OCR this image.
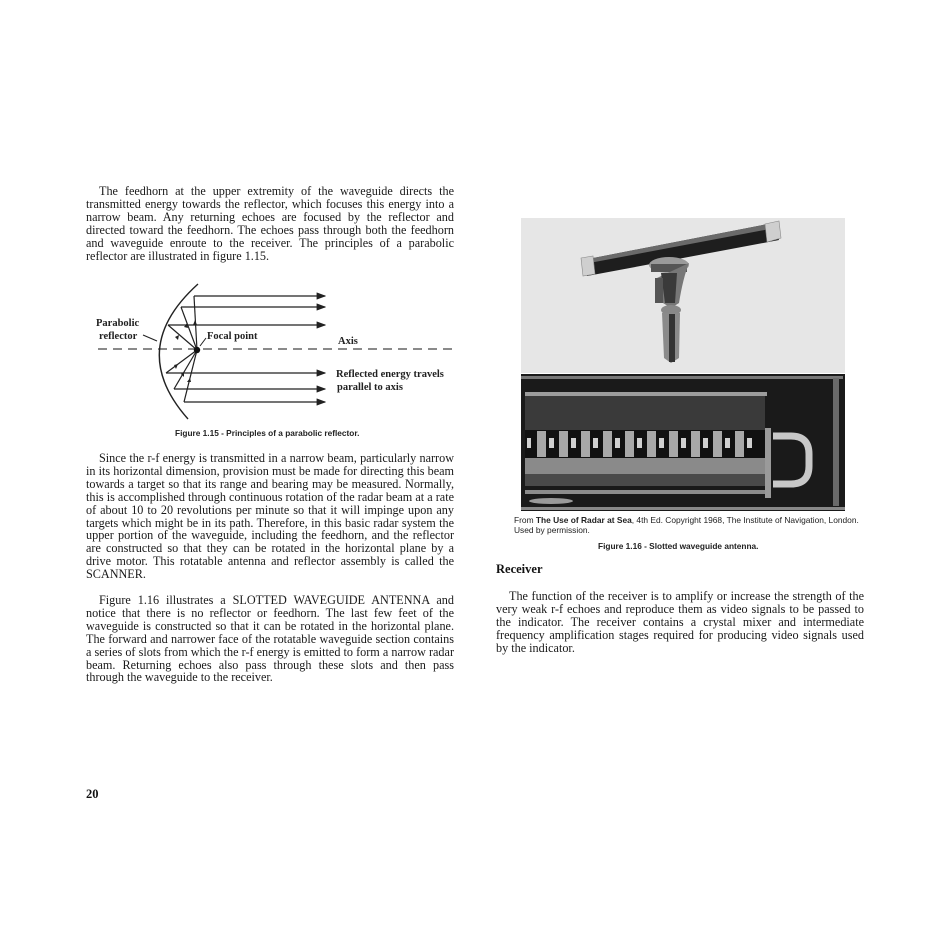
The feedhorn at the upper extremity of the waveguide directs the transmitted energy towards the reflector, which focuses this energy into a narrow beam. Any returning echoes are focused by the reflector and directed toward the feedhorn. The echoes pass through both the feedhorn and waveguide enroute to the receiver. The principles of a parabolic reflector are illustrated in figure 1.15.

Parabolic
reflector	Focal point	Axis
Reflected energy travels
parallel to axis
Figure 1.15 - Principles of a parabolic reflector.

Since the r-f energy is transmitted in a narrow beam, particularly narrow in its horizontal dimension, provision must be made for directing this beam towards a target so that its range and bearing may be measured. Normally, this is accomplished through continuous rotation of the radar beam at a rate of about 10 to 20 revolutions per minute so that it will impinge upon any targets which might be in its path. Therefore, in this basic radar system the upper portion of the waveguide, including the feedhorn, and the reflector are constructed so that they can be rotated in the horizontal plane by a drive motor. This rotatable antenna and reflector assembly is called the SCANNER.

Figure 1.16 illustrates a SLOTTED WAVEGUIDE ANTENNA and notice that there is no reflector or feedhorn. The last few feet of the waveguide is constructed so that it can be rotated in the horizontal plane. The forward and narrower face of the rotatable waveguide section contains a series of slots from which the r-f energy is emitted to form a narrow radar beam. Returning echoes also pass through these slots and then pass through the waveguide to the receiver.

From The Use of Radar at Sea, 4th Ed. Copyright 1968, The Institute of Navigation, London. Used by permission.
Figure 1.16 - Slotted waveguide antenna.
Receiver

The function of the receiver is to amplify or increase the strength of the very weak r-f echoes and reproduce them as video signals to be passed to the indicator. The receiver contains a crystal mixer and intermediate frequency amplification stages required for producing video signals used by the indicator.

20
